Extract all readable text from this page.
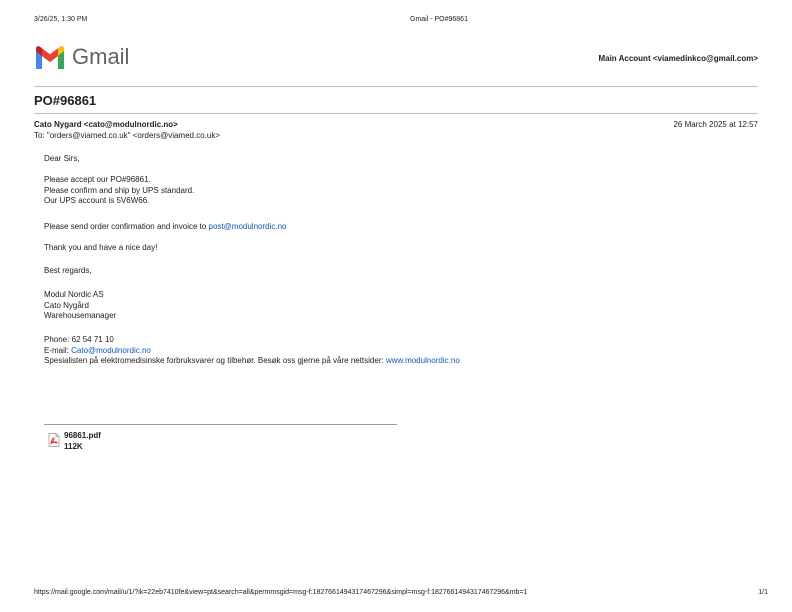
3/26/25, 1:30 PM	Gmail - PO#96861
Gmail	Main Account <viamedinkco@gmail.com>
PO#96861
Cato Nygard <cato@modulnordic.no>
To: "orders@viamed.co.uk" <orders@viamed.co.uk>
26 March 2025 at 12:57

Dear Sirs,

Please accept our PO#96861.

Please confirm and ship by UPS standard.

Our UPS account is 5V6W66.

Please send order confirmation and invoice to post@modulnordic.no

Thank you and have a nice day!
Best regards,

Modul Nordic AS

Cato Nygård

Warehousemanager

Phone: 62 54 71 10

E-mail: Cato@modulnordic.no

Spesialisten på elektromedisinske forbruksvarer og tilbehør. Besøk oss gjerne på våre nettsider: www.modulnordic.no

96861.pdf
112K
https://mail.google.com/mail/u/1/?ik=22eb7410fe&view=pt&search=all&permmsgid=msg-f:1827661494317467296&simpl=msg-f:1827661494317467296&mb=1	1/1
